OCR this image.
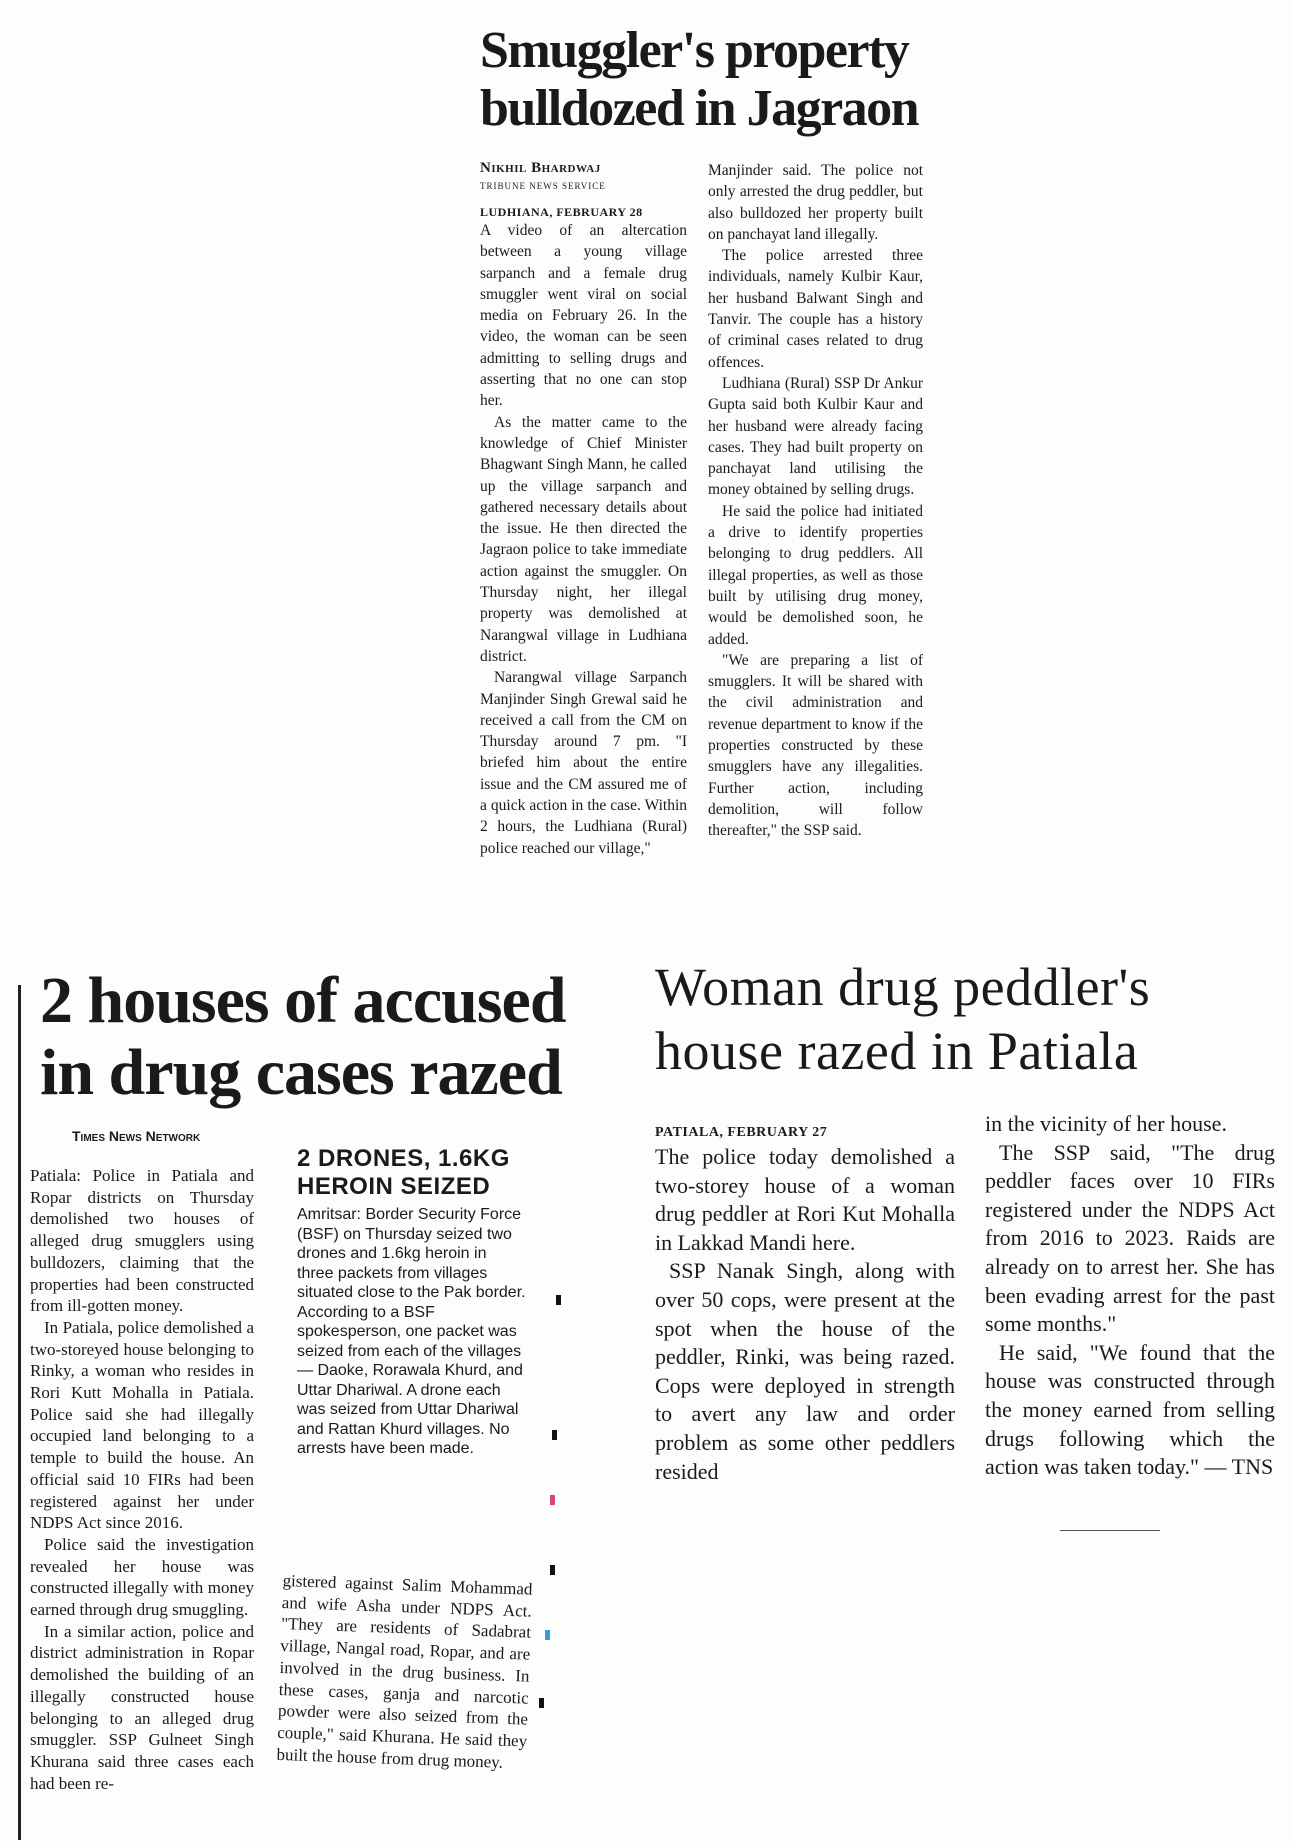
Smuggler's property
bulldozed in Jagraon
Nikhil Bhardwaj
TRIBUNE NEWS SERVICE
LUDHIANA, FEBRUARY 28

A video of an altercation between a young village sarpanch and a female drug smuggler went viral on social media on February 26. In the video, the woman can be seen admitting to selling drugs and asserting that no one can stop her.

As the matter came to the knowledge of Chief Minister Bhagwant Singh Mann, he called up the village sarpanch and gathered necessary details about the issue. He then directed the Jagraon police to take immediate action against the smuggler. On Thursday night, her illegal property was demolished at Narangwal village in Ludhiana district.

Narangwal village Sarpanch Manjinder Singh Grewal said he received a call from the CM on Thursday around 7 pm. "I briefed him about the entire issue and the CM assured me of a quick action in the case. Within 2 hours, the Ludhiana (Rural) police reached our village,"

Manjinder said. The police not only arrested the drug peddler, but also bulldozed her property built on panchayat land illegally.

The police arrested three individuals, namely Kulbir Kaur, her husband Balwant Singh and Tanvir. The couple has a history of criminal cases related to drug offences.

Ludhiana (Rural) SSP Dr Ankur Gupta said both Kulbir Kaur and her husband were already facing cases. They had built property on panchayat land utilising the money obtained by selling drugs.

He said the police had initiated a drive to identify properties belonging to drug peddlers. All illegal properties, as well as those built by utilising drug money, would be demolished soon, he added.

"We are preparing a list of smugglers. It will be shared with the civil administration and revenue department to know if the properties constructed by these smugglers have any illegalities. Further action, including demolition, will follow thereafter," the SSP said.

2 houses of accused
in drug cases razed
Times News Network

Patiala: Police in Patiala and Ropar districts on Thursday demolished two houses of alleged drug smugglers using bulldozers, claiming that the properties had been constructed from ill-gotten money.

In Patiala, police demolished a two-storeyed house belonging to Rinky, a woman who resides in Rori Kutt Mohalla in Patiala. Police said she had illegally occupied land belonging to a temple to build the house. An official said 10 FIRs had been registered against her under NDPS Act since 2016.

Police said the investigation revealed her house was constructed illegally with money earned through drug smuggling.

In a similar action, police and district administration in Ropar demolished the building of an illegally constructed house belonging to an alleged drug smuggler. SSP Gulneet Singh Khurana said three cases each had been re-

2 DRONES, 1.6KG
HEROIN SEIZED
Amritsar: Border Security Force (BSF) on Thursday seized two drones and 1.6kg heroin in three packets from villages situated close to the Pak border. According to a BSF spokesperson, one packet was seized from each of the villages — Daoke, Rorawala Khurd, and Uttar Dhariwal. A drone each was seized from Uttar Dhariwal and Rattan Khurd villages. No arrests have been made.

gistered against Salim Mohammad and wife Asha under NDPS Act. "They are residents of Sadabrat village, Nangal road, Ropar, and are involved in the drug business. In these cases, ganja and narcotic powder were also seized from the couple," said Khurana. He said they built the house from drug money.

Woman drug peddler's
house razed in Patiala
PATIALA, FEBRUARY 27

The police today demolished a two-storey house of a woman drug peddler at Rori Kut Mohalla in Lakkad Mandi here.

SSP Nanak Singh, along with over 50 cops, were present at the spot when the house of the peddler, Rinki, was being razed. Cops were deployed in strength to avert any law and order problem as some other peddlers resided

in the vicinity of her house.

The SSP said, "The drug peddler faces over 10 FIRs registered under the NDPS Act from 2016 to 2023. Raids are already on to arrest her. She has been evading arrest for the past some months."

He said, "We found that the house was constructed through the money earned from selling drugs following which the action was taken today." — TNS
